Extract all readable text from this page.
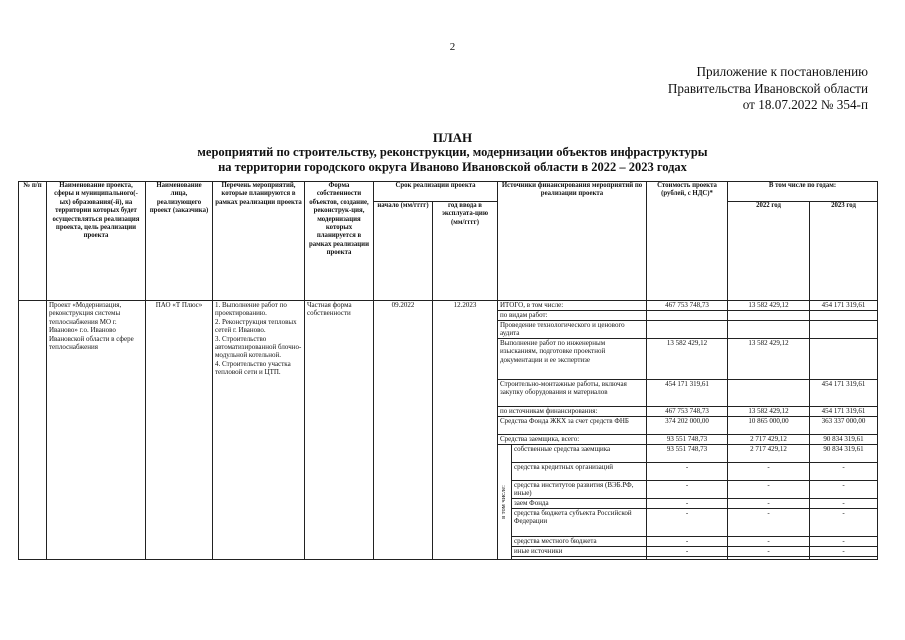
2
Приложение к постановлению
Правительства Ивановской области
от 18.07.2022 № 354-п
ПЛАН
мероприятий по строительству, реконструкции, модернизации объектов инфраструктуры
на территории городского округа Иваново Ивановской области в 2022 – 2023 годах
№ п/п	Наименование проекта, сферы и муниципального(-ых) образования(-й), на территории которых будет осуществляться реализация проекта, цель реализации проекта	Наименование лица, реализующего проект (заказчика)	Перечень мероприятий, которые планируются в рамках реализации проекта	Форма собственности объектов, создание, реконструк-ция, модернизация которых планируется в рамках реализации проекта	Срок реализации проекта		Источники финансирования мероприятий по реализации проекта		Стоимость проекта (рублей, с НДС)*	В том числе по годам:	
					начало (мм/гггг)	год ввода в эксплуата-цию (мм/гггг)				2022 год	2023 год
	Проект «Модернизация, реконструкция системы теплоснабжения МО г. Иваново» г.о. Иваново Ивановской области в сфере теплоснабжения	ПАО «Т Плюс»	1. Выполнение работ по проектированию.
2. Реконструкция тепловых сетей г. Иваново.
3. Строительство автоматизированной блочно-модульной котельной.
4. Строительство участка тепловой сети и ЦТП.	Частная форма собственности	09.2022	12.2023	ИТОГО, в том числе:		467 753 748,73	13 582 429,12	454 171 319,61
							по видам работ:				
							Проведение технологического и ценового аудита				
							Выполнение работ по инженерным изысканиям, подготовке проектной документации и ее экспертизе		13 582 429,12	13 582 429,12	
							Строительно-монтажные работы, включая закупку оборудования и материалов		454 171 319,61		454 171 319,61
							по источникам финансирования:		467 753 748,73	13 582 429,12	454 171 319,61
							Средства Фонда ЖКХ за счет средств ФНБ		374 202 000,00	10 865 000,00	363 337 000,00
							Средства заемщика, всего:		93 551 748,73	2 717 429,12	90 834 319,61

							в том числе:	собственные средства заемщика	93 551 748,73	2 717 429,12	90 834 319,61
								средства кредитных организаций	-	-	-
								средства институтов развития (ВЭБ.РФ, иные)	-	-	-
								заем Фонда	-	-	-
								средства бюджета субъекта Российской Федерации	-	-	-
								средства местного бюджета	-	-	-
								иные источники	-	-	-
